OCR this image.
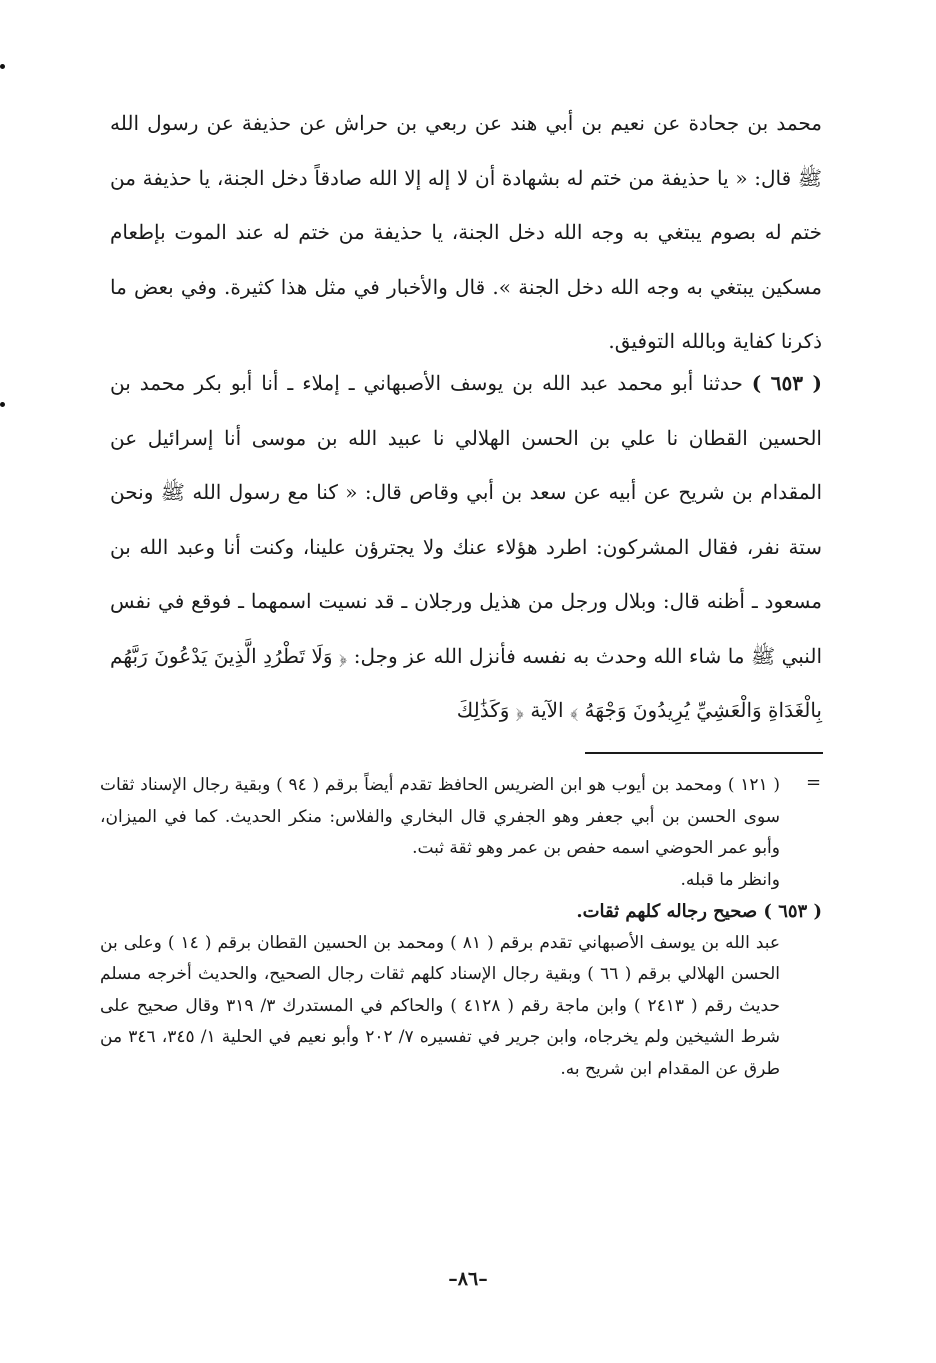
محمد بن جحادة عن نعيم بن أبي هند عن ربعي بن حراش عن حذيفة عن رسول الله ﷺ قال: « يا حذيفة من ختم له بشهادة أن لا إله إلا الله صادقاً دخل الجنة، يا حذيفة من ختم له بصوم يبتغي به وجه الله دخل الجنة، يا حذيفة من ختم له عند الموت بإطعام مسكين يبتغي به وجه الله دخل الجنة ». قال والأخبار في مثل هذا كثيرة. وفي بعض ما ذكرنا كفاية وبالله التوفيق.

( ٦٥٣ ) حدثنا أبو محمد عبد الله بن يوسف الأصبهاني ـ إملاء ـ أنا أبو بكر محمد بن الحسين القطان نا علي بن الحسن الهلالي نا عبيد الله بن موسى أنا إسرائيل عن المقدام بن شريح عن أبيه عن سعد بن أبي وقاص قال: « كنا مع رسول الله ﷺ ونحن ستة نفر، فقال المشركون: اطرد هؤلاء عنك ولا يجترؤن علينا، وكنت أنا وعبد الله بن مسعود ـ أظنه قال: وبلال ورجل من هذيل ورجلان ـ قد نسيت اسمهما ـ فوقع في نفس النبي ﷺ ما شاء الله وحدث به نفسه فأنزل الله عز وجل: ﴿ وَلَا تَطْرُدِ الَّذِينَ يَدْعُونَ رَبَّهُم بِالْغَدَاةِ وَالْعَشِيِّ يُرِيدُونَ وَجْهَهُ ﴾ الآية ﴿ وَكَذَٰلِكَ

=

( ١٢١ ) ومحمد بن أيوب هو ابن الضريس الحافظ تقدم أيضاً برقم ( ٩٤ ) وبقية رجال الإسناد ثقات سوى الحسن بن أبي جعفر وهو الجفري قال البخاري والفلاس: منكر الحديث. كما في الميزان، وأبو عمر الحوضي اسمه حفص بن عمر وهو ثقة ثبت.

وانظر ما قبله.

( ٦٥٣ ) صحيح رجاله كلهم ثقات.

عبد الله بن يوسف الأصبهاني تقدم برقم ( ٨١ ) ومحمد بن الحسين القطان برقم ( ١٤ ) وعلى بن الحسن الهلالي برقم ( ٦٦ ) وبقية رجال الإسناد كلهم ثقات رجال الصحيح، والحديث أخرجه مسلم حديث رقم ( ٢٤١٣ ) وابن ماجة رقم ( ٤١٢٨ ) والحاكم في المستدرك ٣/ ٣١٩ وقال صحيح على شرط الشيخين ولم يخرجاه، وابن جرير في تفسيره ٧/ ٢٠٢ وأبو نعيم في الحلية ١/ ٣٤٥، ٣٤٦ من طرق عن المقدام ابن شريح به.

–٨٦–
